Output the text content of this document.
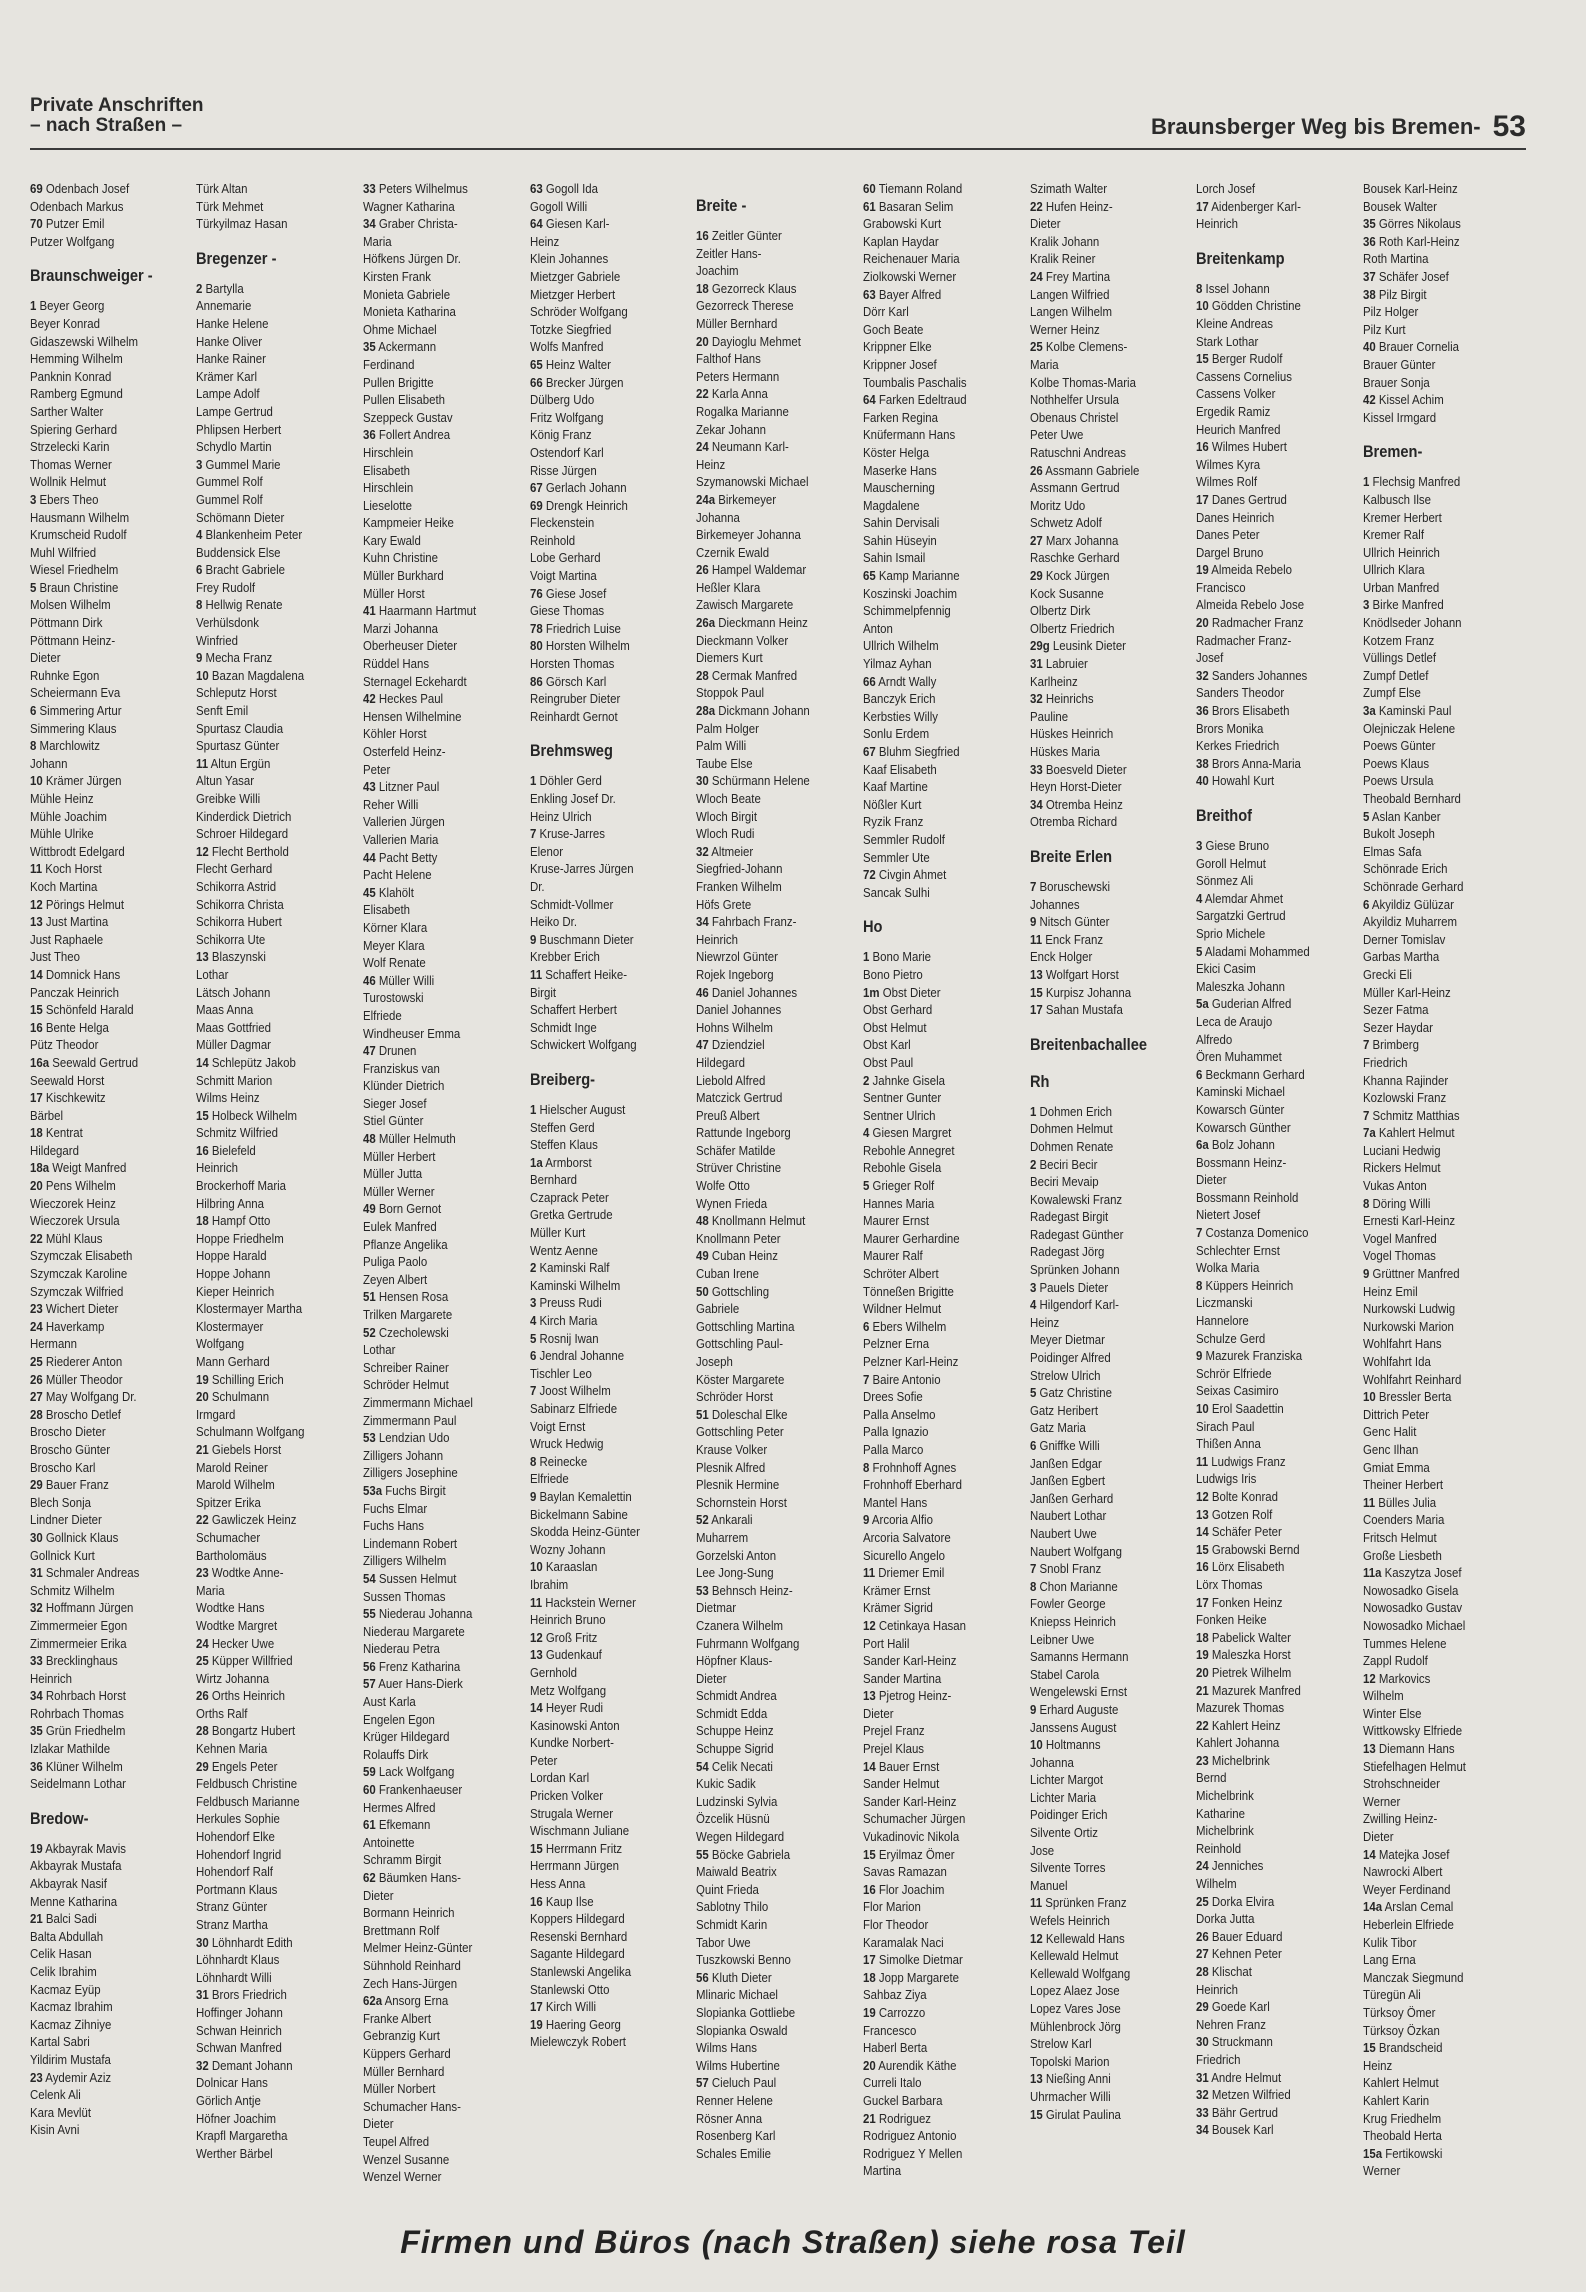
Private Anschriften
– nach Straßen –	Braunsberger Weg bis Bremen- 53
69 Odenbach Josef
Odenbach Markus
70 Putzer Emil
Putzer Wolfgang
Braunschweiger -
1 Beyer Georg
Beyer Konrad
Gidaszewski Wilhelm
Hemming Wilhelm
Panknin Konrad
Ramberg Egmund
Sarther Walter
Spiering Gerhard
Strzelecki Karin
Thomas Werner
Wollnik Helmut
3 Ebers Theo
Hausmann Wilhelm
Krumscheid Rudolf
Muhl Wilfried
Wiesel Friedhelm
5 Braun Christine
Molsen Wilhelm
Pöttmann Dirk
Pöttmann Heinz-
Dieter
Ruhnke Egon
Scheiermann Eva
6 Simmering Artur
Simmering Klaus
8 Marchlowitz
Johann
10 Krämer Jürgen
Mühle Heinz
Mühle Joachim
Mühle Ulrike
Wittbrodt Edelgard
11 Koch Horst
Koch Martina
12 Pörings Helmut
13 Just Martina
Just Raphaele
Just Theo
14 Domnick Hans
Panczak Heinrich
15 Schönfeld Harald
16 Bente Helga
Pütz Theodor
16a Seewald Gertrud
Seewald Horst
17 Kischkewitz
Bärbel
18 Kentrat
Hildegard
18a Weigt Manfred
20 Pens Wilhelm
Wieczorek Heinz
Wieczorek Ursula
22 Mühl Klaus
Szymczak Elisabeth
Szymczak Karoline
Szymczak Wilfried
23 Wichert Dieter
24 Haverkamp
Hermann
25 Riederer Anton
26 Müller Theodor
27 May Wolfgang Dr.
28 Broscho Detlef
Broscho Dieter
Broscho Günter
Broscho Karl
29 Bauer Franz
Blech Sonja
Lindner Dieter
30 Gollnick Klaus
Gollnick Kurt
31 Schmaler Andreas
Schmitz Wilhelm
32 Hoffmann Jürgen
Zimmermeier Egon
Zimmermeier Erika
33 Brecklinghaus
Heinrich
34 Rohrbach Horst
Rohrbach Thomas
35 Grün Friedhelm
Izlakar Mathilde
36 Klüner Wilhelm
Seidelmann Lothar
Bredow-
19 Akbayrak Mavis
Akbayrak Mustafa
Akbayrak Nasif
Menne Katharina
21 Balci Sadi
Balta Abdullah
Celik Hasan
Celik Ibrahim
Kacmaz Eyüp
Kacmaz Ibrahim
Kacmaz Zihniye
Kartal Sabri
Yildirim Mustafa
23 Aydemir Aziz
Celenk Ali
Kara Mevlüt
Kisin Avni
Türk Altan
Türk Mehmet
Türkyilmaz Hasan
Bregenzer -
2 Bartylla
Annemarie
Hanke Helene
Hanke Oliver
Hanke Rainer
Krämer Karl
Lampe Adolf
Lampe Gertrud
Phlipsen Herbert
Schydlo Martin
3 Gummel Marie
Gummel Rolf
Gummel Rolf
Schömann Dieter
4 Blankenheim Peter
Buddensick Else
6 Bracht Gabriele
Frey Rudolf
8 Hellwig Renate
Verhülsdonk
Winfried
9 Mecha Franz
10 Bazan Magdalena
Schleputz Horst
Senft Emil
Spurtasz Claudia
Spurtasz Günter
11 Altun Ergün
Altun Yasar
Greibke Willi
Kinderdick Dietrich
Schroer Hildegard
12 Flecht Berthold
Flecht Gerhard
Schikorra Astrid
Schikorra Christa
Schikorra Hubert
Schikorra Ute
13 Blaszynski
Lothar
Lätsch Johann
Maas Anna
Maas Gottfried
Müller Dagmar
14 Schlepütz Jakob
Schmitt Marion
Wilms Heinz
15 Holbeck Wilhelm
Schmitz Wilfried
16 Bielefeld
Heinrich
Brockerhoff Maria
Hilbring Anna
18 Hampf Otto
Hoppe Friedhelm
Hoppe Harald
Hoppe Johann
Kieper Heinrich
Klostermayer Martha
Klostermayer
Wolfgang
Mann Gerhard
19 Schilling Erich
20 Schulmann
Irmgard
Schulmann Wolfgang
21 Giebels Horst
Marold Reiner
Marold Wilhelm
Spitzer Erika
22 Gawliczek Heinz
Schumacher
Bartholomäus
23 Wodtke Anne-
Maria
Wodtke Hans
Wodtke Margret
24 Hecker Uwe
25 Küpper Willfried
Wirtz Johanna
26 Orths Heinrich
Orths Ralf
28 Bongartz Hubert
Kehnen Maria
29 Engels Peter
Feldbusch Christine
Feldbusch Marianne
Herkules Sophie
Hohendorf Elke
Hohendorf Ingrid
Hohendorf Ralf
Portmann Klaus
Stranz Günter
Stranz Martha
30 Löhnhardt Edith
Löhnhardt Klaus
Löhnhardt Willi
31 Brors Friedrich
Hoffinger Johann
Schwan Heinrich
Schwan Manfred
32 Demant Johann
Dolnicar Hans
Görlich Antje
Höfner Joachim
Krapfl Margaretha
Werther Bärbel
33 Peters Wilhelmus
Wagner Katharina
34 Graber Christa-
Maria
Höfkens Jürgen Dr.
Kirsten Frank
Monieta Gabriele
Monieta Katharina
Ohme Michael
35 Ackermann
Ferdinand
Pullen Brigitte
Pullen Elisabeth
Szeppeck Gustav
36 Follert Andrea
Hirschlein
Elisabeth
Hirschlein
Lieselotte
Kampmeier Heike
Kary Ewald
Kuhn Christine
Müller Burkhard
Müller Horst
41 Haarmann Hartmut
Marzi Johanna
Oberheuser Dieter
Rüddel Hans
Sternagel Eckehardt
42 Heckes Paul
Hensen Wilhelmine
Köhler Horst
Osterfeld Heinz-
Peter
43 Litzner Paul
Reher Willi
Vallerien Jürgen
Vallerien Maria
44 Pacht Betty
Pacht Helene
45 Klahölt
Elisabeth
Körner Klara
Meyer Klara
Wolf Renate
46 Müller Willi
Turostowski
Elfriede
Windheuser Emma
47 Drunen
Franziskus van
Klünder Dietrich
Sieger Josef
Stiel Günter
48 Müller Helmuth
Müller Herbert
Müller Jutta
Müller Werner
49 Born Gernot
Eulek Manfred
Pflanze Angelika
Puliga Paolo
Zeyen Albert
51 Hensen Rosa
Trilken Margarete
52 Czecholewski
Lothar
Schreiber Rainer
Schröder Helmut
Zimmermann Michael
Zimmermann Paul
53 Lendzian Udo
Zilligers Johann
Zilligers Josephine
53a Fuchs Birgit
Fuchs Elmar
Fuchs Hans
Lindemann Robert
Zilligers Wilhelm
54 Sussen Helmut
Sussen Thomas
55 Niederau Johanna
Niederau Margarete
Niederau Petra
56 Frenz Katharina
57 Auer Hans-Dierk
Aust Karla
Engelen Egon
Krüger Hildegard
Rolauffs Dirk
59 Lack Wolfgang
60 Frankenhaeuser
Hermes Alfred
61 Efkemann
Antoinette
Schramm Birgit
62 Bäumken Hans-
Dieter
Bormann Heinrich
Brettmann Rolf
Melmer Heinz-Günter
Sühnhold Reinhard
Zech Hans-Jürgen
62a Ansorg Erna
Franke Albert
Gebranzig Kurt
Küppers Gerhard
Müller Bernhard
Müller Norbert
Schumacher Hans-
Dieter
Teupel Alfred
Wenzel Susanne
Wenzel Werner
63 Gogoll Ida
Gogoll Willi
64 Giesen Karl-
Heinz
Klein Johannes
Mietzger Gabriele
Mietzger Herbert
Schröder Wolfgang
Totzke Siegfried
Wolfs Manfred
65 Heinz Walter
66 Brecker Jürgen
Dülberg Udo
Fritz Wolfgang
König Franz
Ostendorf Karl
Risse Jürgen
67 Gerlach Johann
69 Drengk Heinrich
Fleckenstein
Reinhold
Lobe Gerhard
Voigt Martina
76 Giese Josef
Giese Thomas
78 Friedrich Luise
80 Horsten Wilhelm
Horsten Thomas
86 Görsch Karl
Reingruber Dieter
Reinhardt Gernot
Brehmsweg
1 Döhler Gerd
Enkling Josef Dr.
Heinz Ulrich
7 Kruse-Jarres
Elenor
Kruse-Jarres Jürgen
Dr.
Schmidt-Vollmer
Heiko Dr.
9 Buschmann Dieter
Krebber Erich
11 Schaffert Heike-
Birgit
Schaffert Herbert
Schmidt Inge
Schwickert Wolfgang
Breiberg-
1 Hielscher August
Steffen Gerd
Steffen Klaus
1a Armborst
Bernhard
Czaprack Peter
Gretka Gertrude
Müller Kurt
Wentz Aenne
2 Kaminski Ralf
Kaminski Wilhelm
3 Preuss Rudi
4 Kirch Maria
5 Rosnij Iwan
6 Jendral Johanne
Tischler Leo
7 Joost Wilhelm
Sabinarz Elfriede
Voigt Ernst
Wruck Hedwig
8 Reinecke
Elfriede
9 Baylan Kemalettin
Bickelmann Sabine
Skodda Heinz-Günter
Wozny Johann
10 Karaaslan
Ibrahim
11 Hackstein Werner
Heinrich Bruno
12 Groß Fritz
13 Gudenkauf
Gernhold
Metz Wolfgang
14 Heyer Rudi
Kasinowski Anton
Kundke Norbert-
Peter
Lordan Karl
Pricken Volker
Strugala Werner
Wischmann Juliane
15 Herrmann Fritz
Herrmann Jürgen
Hess Anna
16 Kaup Ilse
Koppers Hildegard
Resenski Bernhard
Sagante Hildegard
Stanlewski Angelika
Stanlewski Otto
17 Kirch Willi
19 Haering Georg
Mielewczyk Robert
Breite -
16 Zeitler Günter
Zeitler Hans-
Joachim
18 Gezorreck Klaus
Gezorreck Therese
Müller Bernhard
20 Dayioglu Mehmet
Falthof Hans
Peters Hermann
22 Karla Anna
Rogalka Marianne
Zekar Johann
24 Neumann Karl-
Heinz
Szymanowski Michael
24a Birkemeyer
Johanna
Birkemeyer Johanna
Czernik Ewald
26 Hampel Waldemar
Heßler Klara
Zawisch Margarete
26a Dieckmann Heinz
Dieckmann Volker
Diemers Kurt
28 Cermak Manfred
Stoppok Paul
28a Dickmann Johann
Palm Holger
Palm Willi
Taube Else
30 Schürmann Helene
Wloch Beate
Wloch Birgit
Wloch Rudi
32 Altmeier
Siegfried-Johann
Franken Wilhelm
Höfs Grete
34 Fahrbach Franz-
Heinrich
Niewrzol Günter
Rojek Ingeborg
46 Daniel Johannes
Daniel Johannes
Hohns Wilhelm
47 Dziendziel
Hildegard
Liebold Alfred
Matczick Gertrud
Preuß Albert
Rattunde Ingeborg
Schäfer Matilde
Strüver Christine
Wolfe Otto
Wynen Frieda
48 Knollmann Helmut
Knollmann Peter
49 Cuban Heinz
Cuban Irene
50 Gottschling
Gabriele
Gottschling Martina
Gottschling Paul-
Joseph
Köster Margarete
Schröder Horst
51 Doleschal Elke
Gottschling Peter
Krause Volker
Plesnik Alfred
Plesnik Hermine
Schornstein Horst
52 Ankarali
Muharrem
Gorzelski Anton
Lee Jong-Sung
53 Behnsch Heinz-
Dietmar
Czanera Wilhelm
Fuhrmann Wolfgang
Höpfner Klaus-
Dieter
Schmidt Andrea
Schmidt Edda
Schuppe Heinz
Schuppe Sigrid
54 Celik Necati
Kukic Sadik
Ludzinski Sylvia
Özcelik Hüsnü
Wegen Hildegard
55 Böcke Gabriela
Maiwald Beatrix
Quint Frieda
Sablotny Thilo
Schmidt Karin
Tabor Uwe
Tuszkowski Benno
56 Kluth Dieter
Mlinaric Michael
Slopianka Gottliebe
Slopianka Oswald
Wilms Hans
Wilms Hubertine
57 Cieluch Paul
Renner Helene
Rösner Anna
Rosenberg Karl
Schales Emilie
60 Tiemann Roland
61 Basaran Selim
Grabowski Kurt
Kaplan Haydar
Reichenauer Maria
Ziolkowski Werner
63 Bayer Alfred
Dörr Karl
Goch Beate
Krippner Elke
Krippner Josef
Toumbalis Paschalis
64 Farken Edeltraud
Farken Regina
Knüfermann Hans
Köster Helga
Maserke Hans
Mauscherning
Magdalene
Sahin Dervisali
Sahin Hüseyin
Sahin Ismail
65 Kamp Marianne
Koszinski Joachim
Schimmelpfennig
Anton
Ullrich Wilhelm
Yilmaz Ayhan
66 Arndt Wally
Banczyk Erich
Kerbsties Willy
Sonlu Erdem
67 Bluhm Siegfried
Kaaf Elisabeth
Kaaf Martine
Nößler Kurt
Ryzik Franz
Semmler Rudolf
Semmler Ute
72 Civgin Ahmet
Sancak Sulhi
Ho
1 Bono Marie
Bono Pietro
1m Obst Dieter
Obst Gerhard
Obst Helmut
Obst Karl
Obst Paul
2 Jahnke Gisela
Sentner Gunter
Sentner Ulrich
4 Giesen Margret
Rebohle Annegret
Rebohle Gisela
5 Grieger Rolf
Hannes Maria
Maurer Ernst
Maurer Gerhardine
Maurer Ralf
Schröter Albert
Tönneßen Brigitte
Wildner Helmut
6 Ebers Wilhelm
Pelzner Erna
Pelzner Karl-Heinz
7 Baire Antonio
Drees Sofie
Palla Anselmo
Palla Ignazio
Palla Marco
8 Frohnhoff Agnes
Frohnhoff Eberhard
Mantel Hans
9 Arcoria Alfio
Arcoria Salvatore
Sicurello Angelo
11 Driemer Emil
Krämer Ernst
Krämer Sigrid
12 Cetinkaya Hasan
Port Halil
Sander Karl-Heinz
Sander Martina
13 Pjetrog Heinz-
Dieter
Prejel Franz
Prejel Klaus
14 Bauer Ernst
Sander Helmut
Sander Karl-Heinz
Schumacher Jürgen
Vukadinovic Nikola
15 Eryilmaz Ömer
Savas Ramazan
16 Flor Joachim
Flor Marion
Flor Theodor
Karamalak Naci
17 Simolke Dietmar
18 Jopp Margarete
Sahbaz Ziya
19 Carrozzo
Francesco
Haberl Berta
20 Aurendik Käthe
Curreli Italo
Guckel Barbara
21 Rodriguez
Rodriguez Antonio
Rodriguez Y Mellen
Martina
Szimath Walter
22 Hufen Heinz-
Dieter
Kralik Johann
Kralik Reiner
24 Frey Martina
Langen Wilfried
Langen Wilhelm
Werner Heinz
25 Kolbe Clemens-
Maria
Kolbe Thomas-Maria
Nothhelfer Ursula
Obenaus Christel
Peter Uwe
Ratuschni Andreas
26 Assmann Gabriele
Assmann Gertrud
Moritz Udo
Schwetz Adolf
27 Marx Johanna
Raschke Gerhard
29 Kock Jürgen
Kock Susanne
Olbertz Dirk
Olbertz Friedrich
29g Leusink Dieter
31 Labruier
Karlheinz
32 Heinrichs
Pauline
Hüskes Heinrich
Hüskes Maria
33 Boesveld Dieter
Heyn Horst-Dieter
34 Otremba Heinz
Otremba Richard
Breite Erlen
7 Boruschewski
Johannes
9 Nitsch Günter
11 Enck Franz
Enck Holger
13 Wolfgart Horst
15 Kurpisz Johanna
17 Sahan Mustafa
Breitenbachallee
Rh
1 Dohmen Erich
Dohmen Helmut
Dohmen Renate
2 Beciri Becir
Beciri Mevaip
Kowalewski Franz
Radegast Birgit
Radegast Günther
Radegast Jörg
Sprünken Johann
3 Pauels Dieter
4 Hilgendorf Karl-
Heinz
Meyer Dietmar
Poidinger Alfred
Strelow Ulrich
5 Gatz Christine
Gatz Heribert
Gatz Maria
6 Gniffke Willi
Janßen Edgar
Janßen Egbert
Janßen Gerhard
Naubert Lothar
Naubert Uwe
Naubert Wolfgang
7 Snobl Franz
8 Chon Marianne
Fowler George
Kniepss Heinrich
Leibner Uwe
Samanns Hermann
Stabel Carola
Wengelewski Ernst
9 Erhard Auguste
Janssens August
10 Holtmanns
Johanna
Lichter Margot
Lichter Maria
Poidinger Erich
Silvente Ortiz
Jose
Silvente Torres
Manuel
11 Sprünken Franz
Wefels Heinrich
12 Kellewald Hans
Kellewald Helmut
Kellewald Wolfgang
Lopez Alaez Jose
Lopez Vares Jose
Mühlenbrock Jörg
Strelow Karl
Topolski Marion
13 Nießing Anni
Uhrmacher Willi
15 Girulat Paulina
Lorch Josef
17 Aidenberger Karl-
Heinrich
Breitenkamp
8 Issel Johann
10 Gödden Christine
Kleine Andreas
Stark Lothar
15 Berger Rudolf
Cassens Cornelius
Cassens Volker
Ergedik Ramiz
Heurich Manfred
16 Wilmes Hubert
Wilmes Kyra
Wilmes Rolf
17 Danes Gertrud
Danes Heinrich
Danes Peter
Dargel Bruno
19 Almeida Rebelo
Francisco
Almeida Rebelo Jose
20 Radmacher Franz
Radmacher Franz-
Josef
32 Sanders Johannes
Sanders Theodor
36 Brors Elisabeth
Brors Monika
Kerkes Friedrich
38 Brors Anna-Maria
40 Howahl Kurt
Breithof
3 Giese Bruno
Goroll Helmut
Sönmez Ali
4 Alemdar Ahmet
Sargatzki Gertrud
Sprio Michele
5 Aladami Mohammed
Ekici Casim
Maleszka Johann
5a Guderian Alfred
Leca de Araujo
Alfredo
Ören Muhammet
6 Beckmann Gerhard
Kaminski Michael
Kowarsch Günter
Kowarsch Günther
6a Bolz Johann
Bossmann Heinz-
Dieter
Bossmann Reinhold
Nietert Josef
7 Costanza Domenico
Schlechter Ernst
Wolka Maria
8 Küppers Heinrich
Liczmanski
Hannelore
Schulze Gerd
9 Mazurek Franziska
Schrör Elfriede
Seixas Casimiro
10 Erol Saadettin
Sirach Paul
Thißen Anna
11 Ludwigs Franz
Ludwigs Iris
12 Bolte Konrad
13 Gotzen Rolf
14 Schäfer Peter
15 Grabowski Bernd
16 Lörx Elisabeth
Lörx Thomas
17 Fonken Heinz
Fonken Heike
18 Pabelick Walter
19 Maleszka Horst
20 Pietrek Wilhelm
21 Mazurek Manfred
Mazurek Thomas
22 Kahlert Heinz
Kahlert Johanna
23 Michelbrink
Bernd
Michelbrink
Katharine
Michelbrink
Reinhold
24 Jenniches
Wilhelm
25 Dorka Elvira
Dorka Jutta
26 Bauer Eduard
27 Kehnen Peter
28 Klischat
Heinrich
29 Goede Karl
Nehren Franz
30 Struckmann
Friedrich
31 Andre Helmut
32 Metzen Wilfried
33 Bähr Gertrud
34 Bousek Karl
Bousek Karl-Heinz
Bousek Walter
35 Görres Nikolaus
36 Roth Karl-Heinz
Roth Martina
37 Schäfer Josef
38 Pilz Birgit
Pilz Holger
Pilz Kurt
40 Brauer Cornelia
Brauer Günter
Brauer Sonja
42 Kissel Achim
Kissel Irmgard
Bremen-
1 Flechsig Manfred
Kalbusch Ilse
Kremer Herbert
Kremer Ralf
Ullrich Heinrich
Ullrich Klara
Urban Manfred
3 Birke Manfred
Knödlseder Johann
Kotzem Franz
Vüllings Detlef
Zumpf Detlef
Zumpf Else
3a Kaminski Paul
Olejniczak Helene
Poews Günter
Poews Klaus
Poews Ursula
Theobald Bernhard
5 Aslan Kanber
Bukolt Joseph
Elmas Safa
Schönrade Erich
Schönrade Gerhard
6 Akyildiz Gülüzar
Akyildiz Muharrem
Derner Tomislav
Garbas Martha
Grecki Eli
Müller Karl-Heinz
Sezer Fatma
Sezer Haydar
7 Brimberg
Friedrich
Khanna Rajinder
Kozlowski Franz
7 Schmitz Matthias
7a Kahlert Helmut
Luciani Hedwig
Rickers Helmut
Vukas Anton
8 Döring Willi
Ernesti Karl-Heinz
Vogel Manfred
Vogel Thomas
9 Grüttner Manfred
Heinz Emil
Nurkowski Ludwig
Nurkowski Marion
Wohlfahrt Hans
Wohlfahrt Ida
Wohlfahrt Reinhard
10 Bressler Berta
Dittrich Peter
Genc Halit
Genc Ilhan
Gmiat Emma
Theiner Herbert
11 Bülles Julia
Coenders Maria
Fritsch Helmut
Große Liesbeth
11a Kaszytza Josef
Nowosadko Gisela
Nowosadko Gustav
Nowosadko Michael
Tummes Helene
Zappl Rudolf
12 Markovics
Wilhelm
Winter Else
Wittkowsky Elfriede
13 Diemann Hans
Stiefelhagen Helmut
Strohschneider
Werner
Zwilling Heinz-
Dieter
14 Matejka Josef
Nawrocki Albert
Weyer Ferdinand
14a Arslan Cemal
Heberlein Elfriede
Kulik Tibor
Lang Erna
Manczak Siegmund
Türegün Ali
Türksoy Ömer
Türksoy Özkan
15 Brandscheid
Heinz
Kahlert Helmut
Kahlert Karin
Krug Friedhelm
Theobald Herta
15a Fertikowski
Werner
Firmen und Büros (nach Straßen) siehe rosa Teil
